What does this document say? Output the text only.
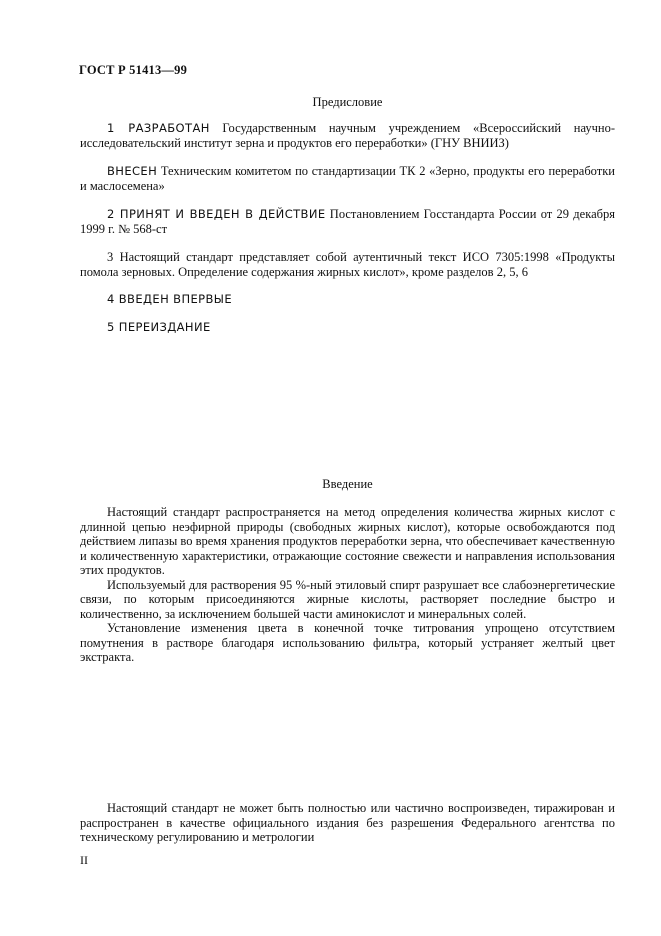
ГОСТ Р 51413—99
Предисловие

1 РАЗРАБОТАН Государственным научным учреждением «Всероссийский научно-исследовательский институт зерна и продуктов его переработки» (ГНУ ВНИИЗ)

ВНЕСЕН Техническим комитетом по стандартизации ТК 2 «Зерно, продукты его переработки и маслосемена»

2 ПРИНЯТ И ВВЕДЕН В ДЕЙСТВИЕ Постановлением Госстандарта России от 29 декабря 1999 г. № 568-ст

3 Настоящий стандарт представляет собой аутентичный текст ИСО 7305:1998 «Продукты помола зерновых. Определение содержания жирных кислот», кроме разделов 2, 5, 6

4 ВВЕДЕН ВПЕРВЫЕ

5 ПЕРЕИЗДАНИЕ

Введение

Настоящий стандарт распространяется на метод определения количества жирных кислот с длинной цепью неэфирной природы (свободных жирных кислот), которые освобождаются под действием липазы во время хранения продуктов переработки зерна, что обеспечивает качественную и количественную характеристики, отражающие состояние свежести и направления использования этих продуктов.

Используемый для растворения 95 %-ный этиловый спирт разрушает все слабоэнергетические связи, по которым присоединяются жирные кислоты, растворяет последние быстро и количественно, за исключением большей части аминокислот и минеральных солей.

Установление изменения цвета в конечной точке титрования упрощено отсутствием помутнения в растворе благодаря использованию фильтра, который устраняет желтый цвет экстракта.

Настоящий стандарт не может быть полностью или частично воспроизведен, тиражирован и распространен в качестве официального издания без разрешения Федерального агентства по техническому регулированию и метрологии

II
